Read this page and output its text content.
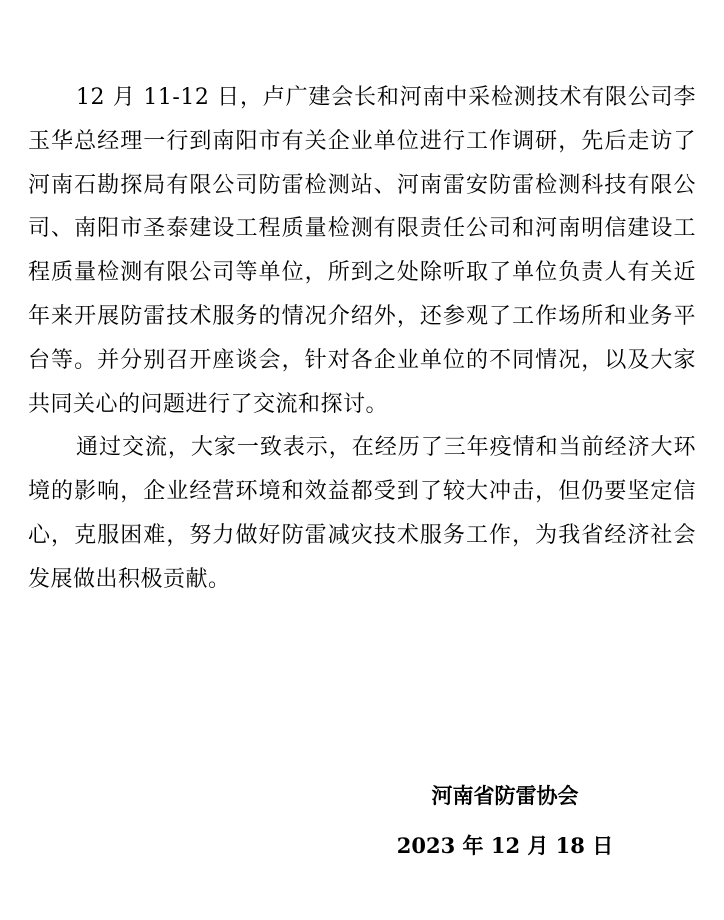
12 月 11-12 日，卢广建会长和河南中采检测技术有限公司李玉华总经理一行到南阳市有关企业单位进行工作调研，先后走访了河南石勘探局有限公司防雷检测站、河南雷安防雷检测科技有限公司、南阳市圣泰建设工程质量检测有限责任公司和河南明信建设工程质量检测有限公司等单位，所到之处除听取了单位负责人有关近年来开展防雷技术服务的情况介绍外，还参观了工作场所和业务平台等。并分别召开座谈会，针对各企业单位的不同情况，以及大家共同关心的问题进行了交流和探讨。

通过交流，大家一致表示，在经历了三年疫情和当前经济大环境的影响，企业经营环境和效益都受到了较大冲击，但仍要坚定信心，克服困难，努力做好防雷减灾技术服务工作，为我省经济社会发展做出积极贡献。

河南省防雷协会
2023 年 12 月 18 日
